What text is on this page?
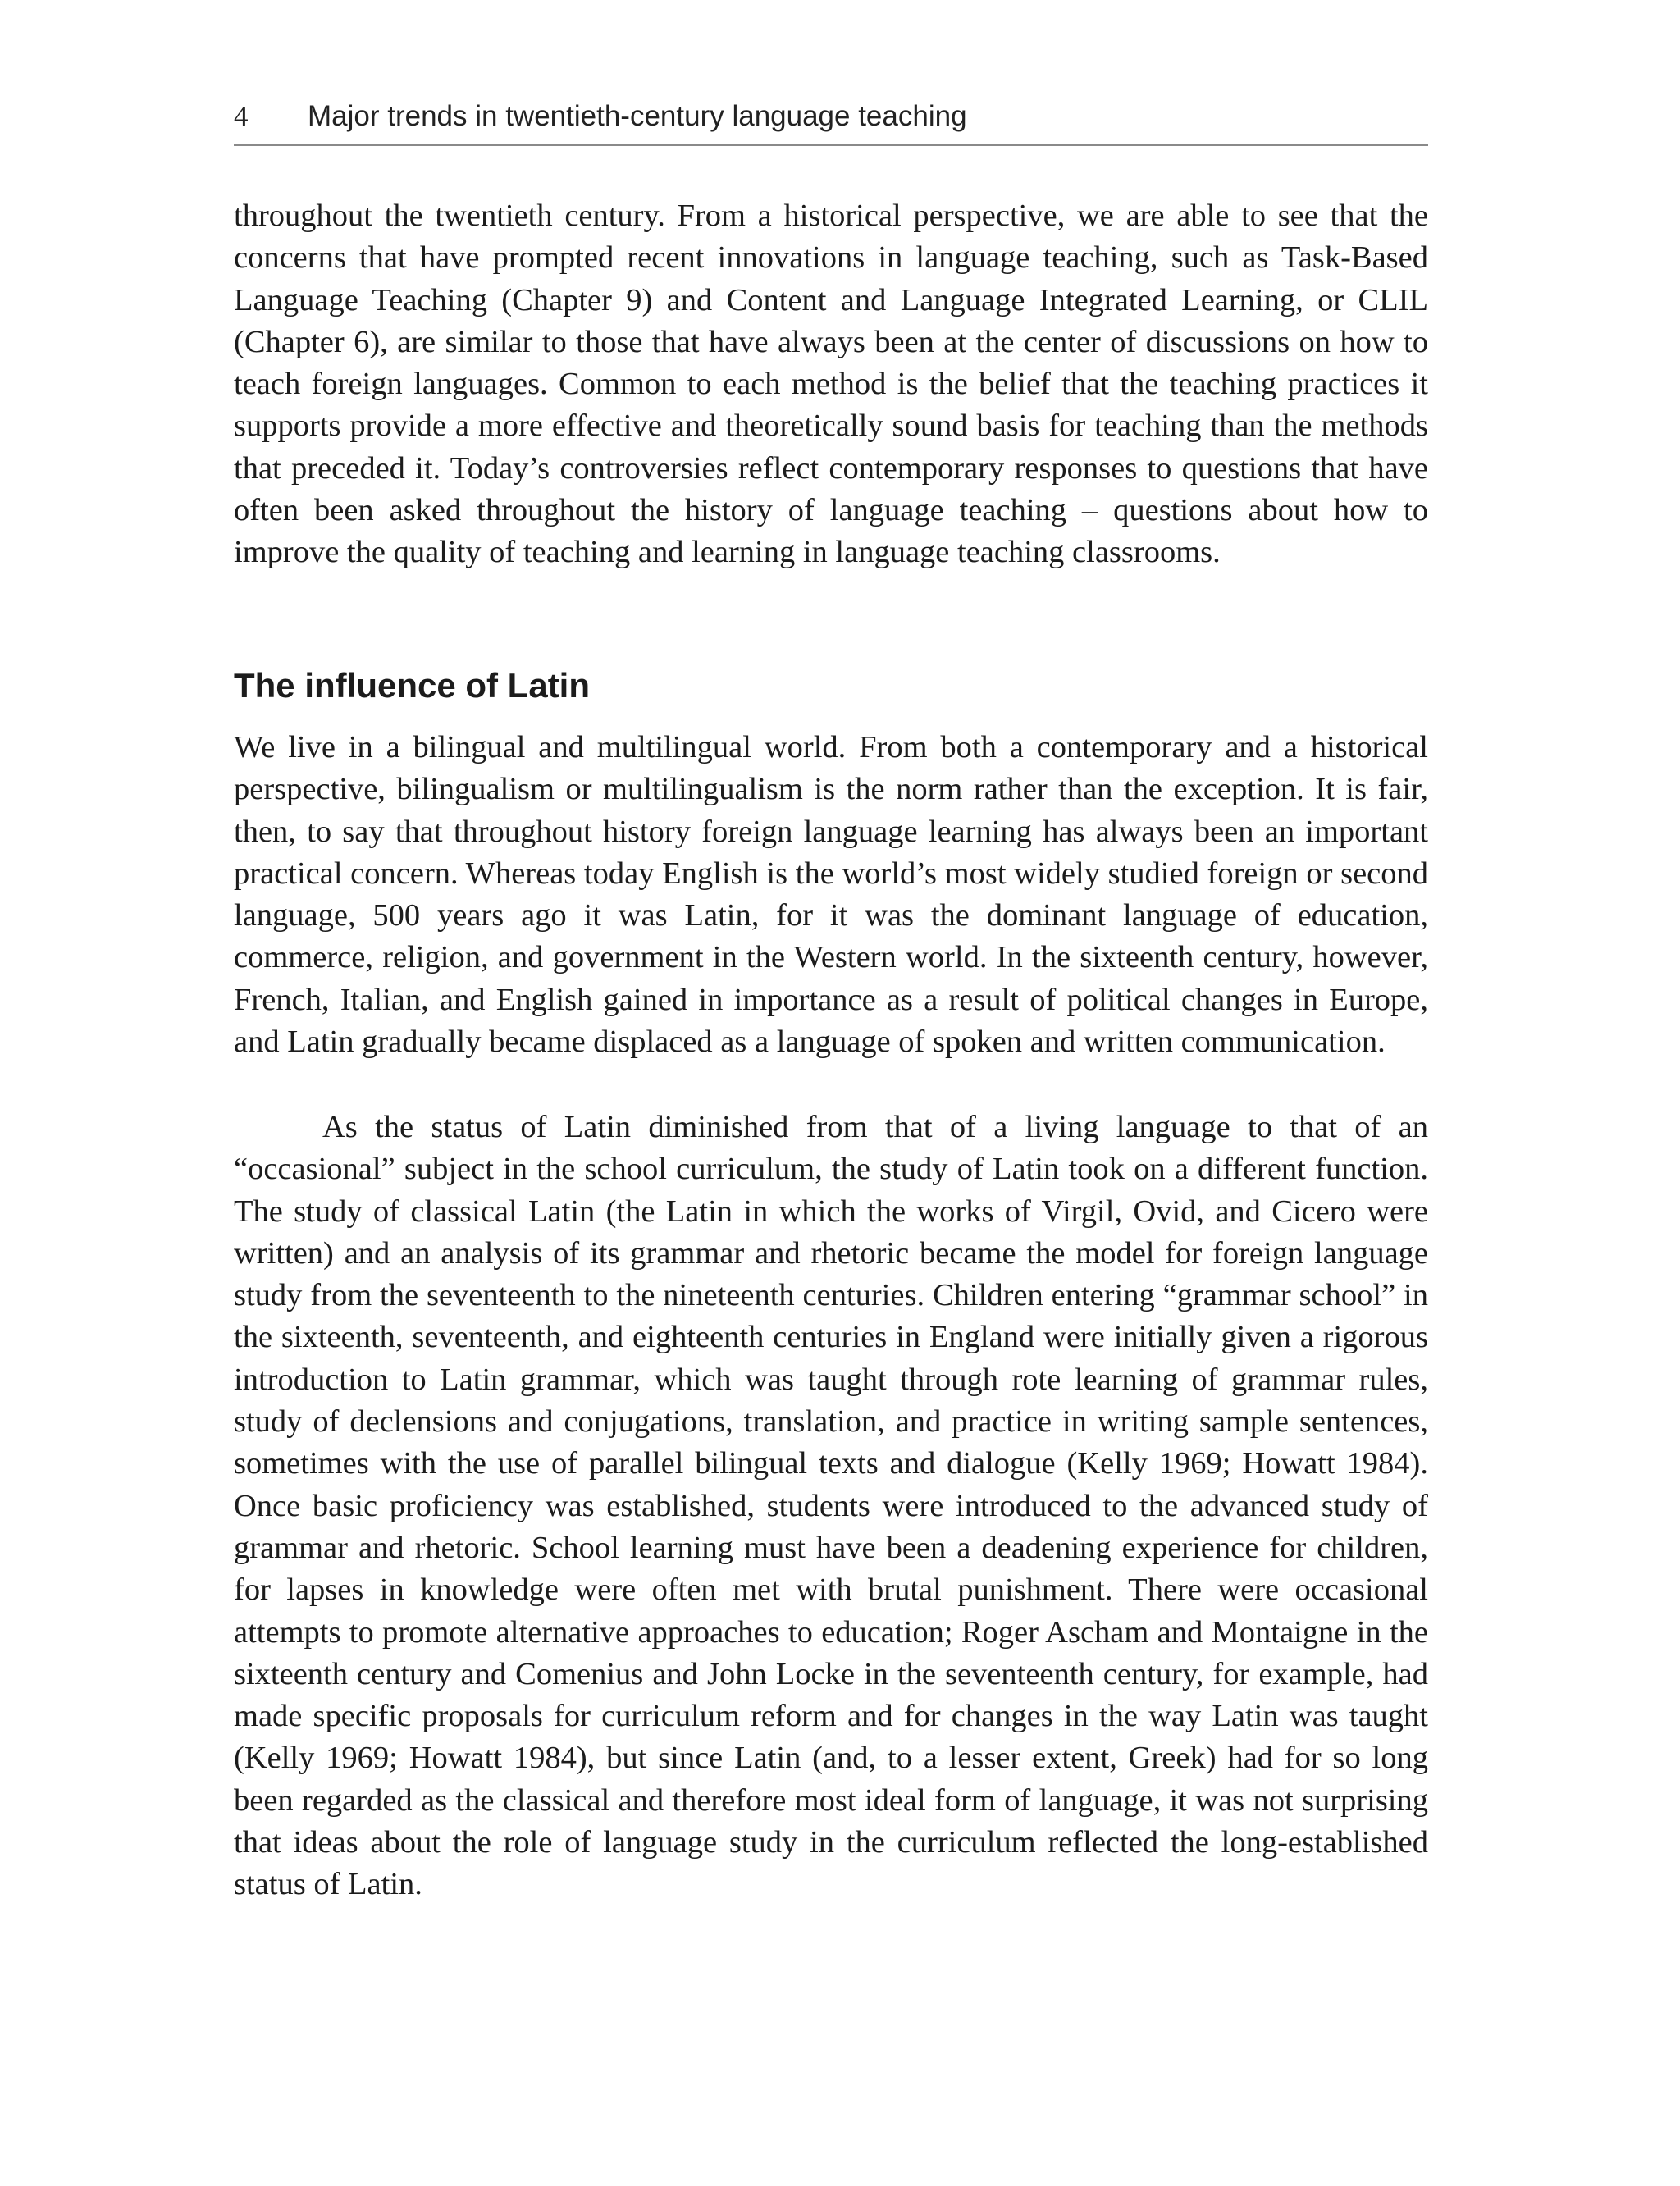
4 Major trends in twentieth-century language teaching

throughout the twentieth century. From a historical perspective, we are able to see that the concerns that have prompted recent innovations in language teaching, such as Task-Based Language Teaching (Chapter 9) and Content and Language Integrated Learning, or CLIL (Chapter 6), are similar to those that have always been at the center of discussions on how to teach foreign languages. Common to each method is the belief that the teaching practices it supports provide a more effective and theoretically sound basis for teaching than the methods that preceded it. Today’s controversies reflect contemporary responses to questions that have often been asked throughout the history of language teaching – questions about how to improve the quality of teaching and learning in language teaching classrooms.

The influence of Latin

We live in a bilingual and multilingual world. From both a contemporary and a historical perspective, bilingualism or multilingualism is the norm rather than the exception. It is fair, then, to say that throughout history foreign language learning has always been an important practical concern. Whereas today English is the world’s most widely studied foreign or second language, 500 years ago it was Latin, for it was the dominant language of education, commerce, religion, and government in the Western world. In the sixteenth century, however, French, Italian, and English gained in importance as a result of political changes in Europe, and Latin gradually became displaced as a language of spoken and written communication.

As the status of Latin diminished from that of a living language to that of an “occasional” subject in the school curriculum, the study of Latin took on a different function. The study of classical Latin (the Latin in which the works of Virgil, Ovid, and Cicero were written) and an analysis of its grammar and rhetoric became the model for foreign language study from the seventeenth to the nineteenth centuries. Children entering “grammar school” in the sixteenth, seventeenth, and eighteenth centuries in England were initially given a rigorous introduction to Latin grammar, which was taught through rote learning of grammar rules, study of declensions and conjugations, translation, and practice in writing sample sentences, sometimes with the use of parallel bilingual texts and dialogue (Kelly 1969; Howatt 1984). Once basic proficiency was established, students were introduced to the advanced study of grammar and rhetoric. School learning must have been a deadening experience for children, for lapses in knowledge were often met with brutal punishment. There were occasional attempts to promote alternative approaches to education; Roger Ascham and Montaigne in the sixteenth century and Comenius and John Locke in the seventeenth century, for example, had made specific proposals for curriculum reform and for changes in the way Latin was taught (Kelly 1969; Howatt 1984), but since Latin (and, to a lesser extent, Greek) had for so long been regarded as the classical and therefore most ideal form of language, it was not surprising that ideas about the role of language study in the curriculum reflected the long-established status of Latin.
